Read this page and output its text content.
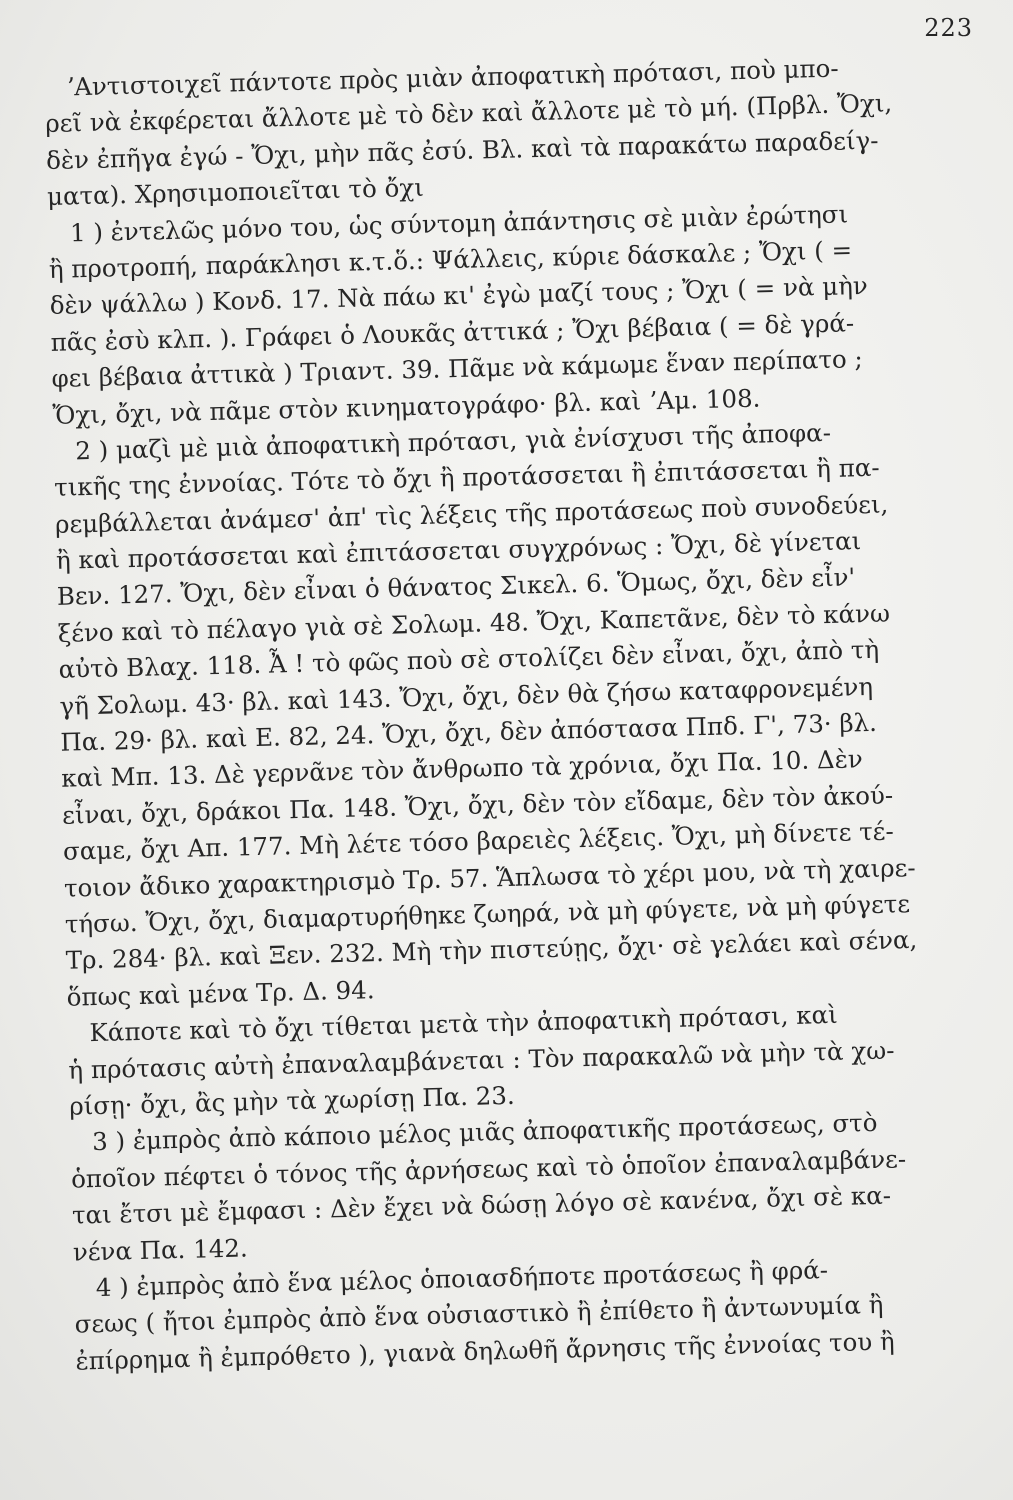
223
ʼΑντιστοιχεῖ πάντοτε πρὸς μιὰν ἀποφατικὴ πρότασι, ποὺ μπο-
ρεῖ νὰ ἐκφέρεται ἄλλοτε μὲ τὸ δὲν καὶ ἄλλοτε μὲ τὸ μή. (Πρβλ. Ὄχι,
δὲν ἐπῆγα ἐγώ - Ὄχι, μὴν πᾶς ἐσύ. Βλ. καὶ τὰ παρακάτω παραδείγ-
ματα). Χρησιμοποιεῖται τὸ ὄχι
1 ) ἐντελῶς μόνο του, ὡς σύντομη ἀπάντησις σὲ μιὰν ἐρώτησι
ἢ προτροπή, παράκλησι κ.τ.ὅ.: Ψάλλεις, κύριε δάσκαλε ; Ὄχι ( =
δὲν ψάλλω ) Κονδ. 17. Νὰ πάω κι' ἐγὼ μαζί τους ; Ὄχι ( = νὰ μὴν
πᾶς ἐσὺ κλπ. ). Γράφει ὁ Λουκᾶς ἀττικά ; Ὄχι βέβαια ( = δὲ γρά-
φει βέβαια ἀττικὰ ) Τριαντ. 39. Πᾶμε νὰ κάμωμε ἕναν περίπατο ;
Ὄχι, ὄχι, νὰ πᾶμε στὸν κινηματογράφο· βλ. καὶ ʼΑμ. 108.
2 ) μαζὶ μὲ μιὰ ἀποφατικὴ πρότασι, γιὰ ἐνίσχυσι τῆς ἀποφα-
τικῆς της ἐννοίας. Τότε τὸ ὄχι ἢ προτάσσεται ἢ ἐπιτάσσεται ἢ πα-
ρεμβάλλεται ἀνάμεσ' ἀπ' τὶς λέξεις τῆς προτάσεως ποὺ συνοδεύει,
ἢ καὶ προτάσσεται καὶ ἐπιτάσσεται συγχρόνως : Ὄχι, δὲ γίνεται
Βεν. 127. Ὄχι, δὲν εἶναι ὁ θάνατος Σικελ. 6. Ὅμως, ὄχι, δὲν εἶν'
ξένο καὶ τὸ πέλαγο γιὰ σὲ Σολωμ. 48. Ὄχι, Καπετᾶνε, δὲν τὸ κάνω
αὐτὸ Βλαχ. 118. Ἆ ! τὸ φῶς ποὺ σὲ στολίζει δὲν εἶναι, ὄχι, ἀπὸ τὴ
γῆ Σολωμ. 43· βλ. καὶ 143. Ὄχι, ὄχι, δὲν θὰ ζήσω καταφρονεμένη
Πα. 29· βλ. καὶ Ε. 82, 24. Ὄχι, ὄχι, δὲν ἀπόστασα Ππδ. Γ', 73· βλ.
καὶ Μπ. 13. Δὲ γερνᾶνε τὸν ἄνθρωπο τὰ χρόνια, ὄχι Πα. 10. Δὲν
εἶναι, ὄχι, δράκοι Πα. 148. Ὄχι, ὄχι, δὲν τὸν εἴδαμε, δὲν τὸν ἀκού-
σαμε, ὄχι Απ. 177. Μὴ λέτε τόσο βαρειὲς λέξεις. Ὄχι, μὴ δίνετε τέ-
τοιον ἄδικο χαρακτηρισμὸ Τρ. 57. Ἅπλωσα τὸ χέρι μου, νὰ τὴ χαιρε-
τήσω. Ὄχι, ὄχι, διαμαρτυρήθηκε ζωηρά, νὰ μὴ φύγετε, νὰ μὴ φύγετε
Τρ. 284· βλ. καὶ Ξεν. 232. Μὴ τὴν πιστεύῃς, ὄχι· σὲ γελάει καὶ σένα,
ὅπως καὶ μένα Τρ. Δ. 94.
Κάποτε καὶ τὸ ὄχι τίθεται μετὰ τὴν ἀποφατικὴ πρότασι, καὶ
ἡ πρότασις αὐτὴ ἐπαναλαμβάνεται : Τὸν παρακαλῶ νὰ μὴν τὰ χω-
ρίσῃ· ὄχι, ἂς μὴν τὰ χωρίσῃ Πα. 23.
3 ) ἐμπρὸς ἀπὸ κάποιο μέλος μιᾶς ἀποφατικῆς προτάσεως, στὸ
ὁποῖον πέφτει ὁ τόνος τῆς ἀρνήσεως καὶ τὸ ὁποῖον ἐπαναλαμβάνε-
ται ἔτσι μὲ ἔμφασι : Δὲν ἔχει νὰ δώσῃ λόγο σὲ κανένα, ὄχι σὲ κα-
νένα Πα. 142.
4 ) ἐμπρὸς ἀπὸ ἕνα μέλος ὁποιασδήποτε προτάσεως ἢ φρά-
σεως ( ἤτοι ἐμπρὸς ἀπὸ ἕνα οὐσιαστικὸ ἢ ἐπίθετο ἢ ἀντωνυμία ἢ
ἐπίρρημα ἢ ἐμπρόθετο ), γιανὰ δηλωθῆ ἄρνησις τῆς ἐννοίας του ἢ
